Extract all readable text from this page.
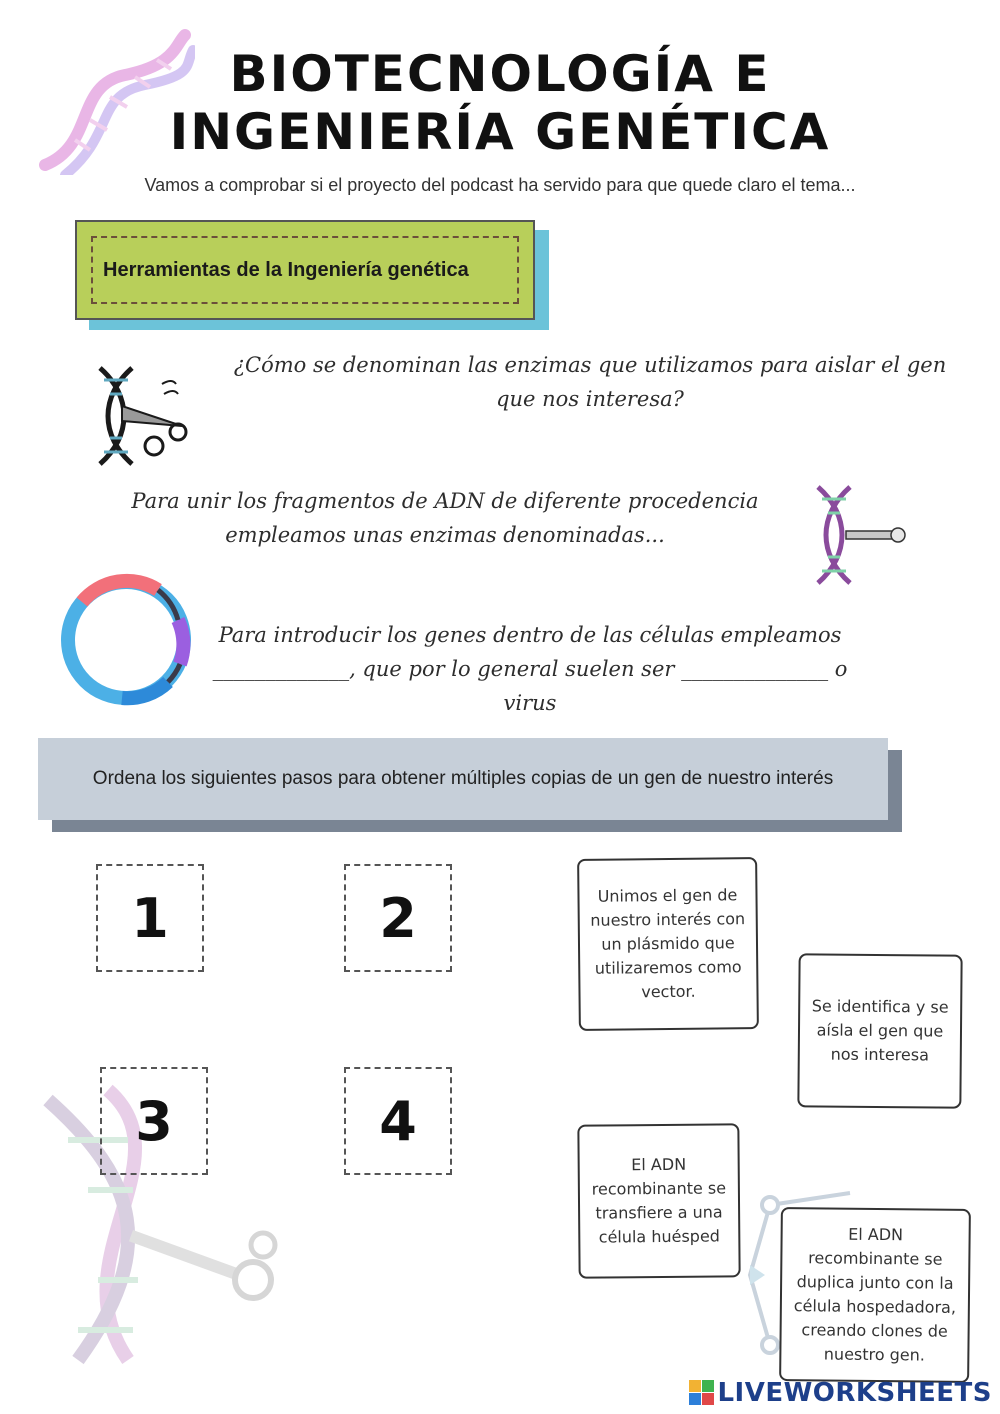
BIOTECNOLOGÍA E
INGENIERÍA GENÉTICA
Vamos a comprobar si el proyecto del podcast ha servido para que quede claro el tema...
Herramientas de la Ingeniería genética
¿Cómo se denominan las enzimas que utilizamos para aislar el gen que nos interesa?
Para unir los fragmentos de ADN de diferente procedencia empleamos unas enzimas denominadas...
Para introducir los genes dentro de las células empleamos
_____________, que por lo general suelen ser ______________ o
virus
Ordena los siguientes pasos para obtener múltiples copias de un gen de nuestro interés
1	2
3	4
Unimos el gen de nuestro interés con un plásmido que utilizaremos como vector.
Se identifica y se aísla el gen que nos interesa
El ADN recombinante se transfiere a una célula huésped	El ADN recombinante se duplica junto con la célula hospedadora, creando clones de nuestro gen.
LIVEWORKSHEETS
